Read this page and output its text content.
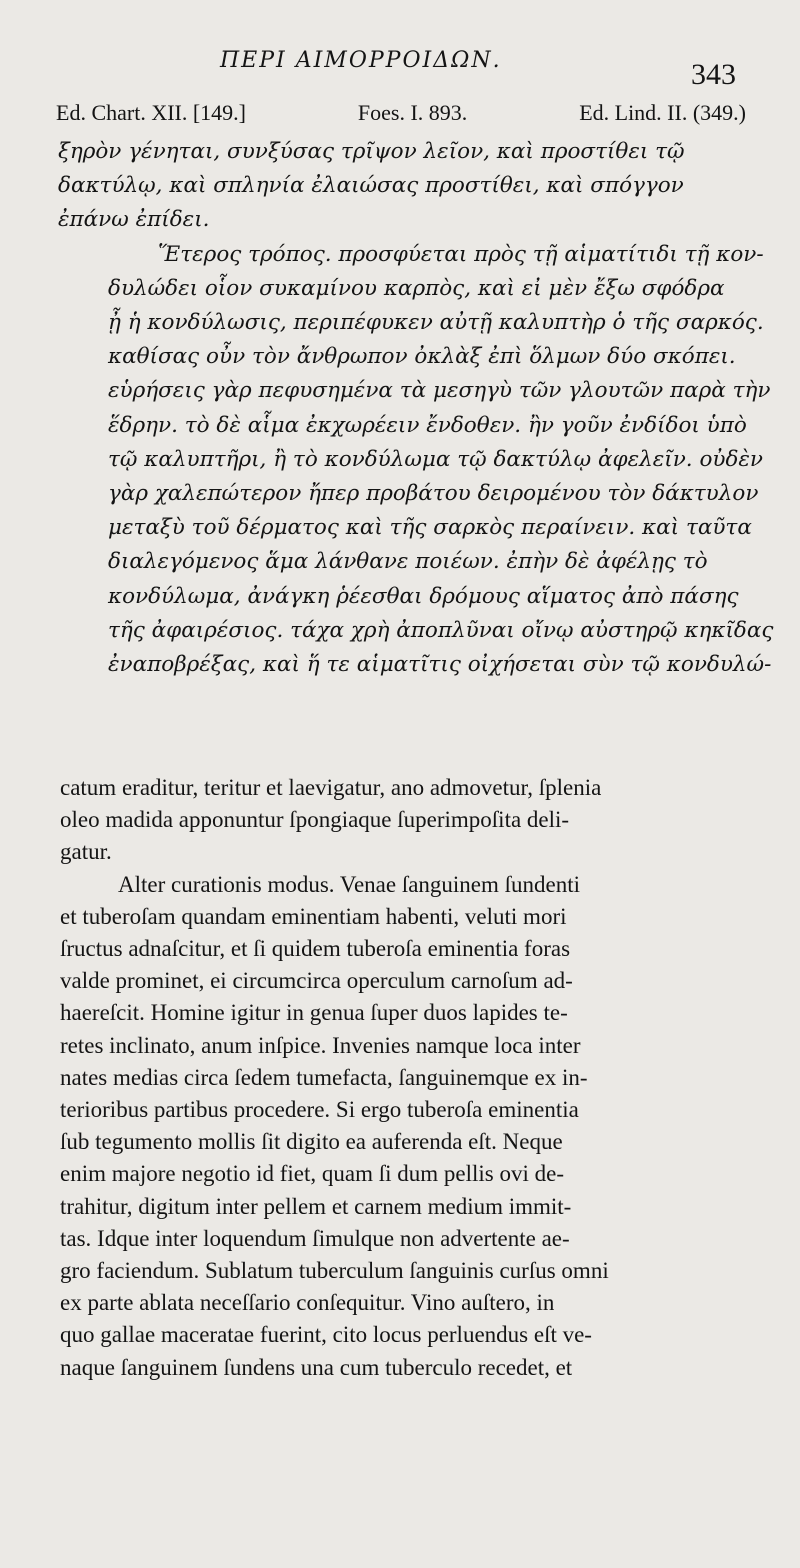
ΠΕΡΙ ΑΙΜΟΡΡΟΙΔΩΝ.	343
Ed. Chart. XII. [149.]	Foes. I. 893.	Ed. Lind. II. (349.)

ξηρὸν γένηται, συνξύσας τρῖψον λεῖον, καὶ προστίθει τῷ
δακτύλῳ, καὶ σπληνία ἐλαιώσας προστίθει, καὶ σπόγγον
ἐπάνω ἐπίδει.

Ἕτερος τρόπος. προσφύεται πρὸς τῇ αἱματίτιδι τῇ κον-
δυλώδει οἷον συκαμίνου καρπὸς, καὶ εἰ μὲν ἔξω σφόδρα
ᾖ ἡ κονδύλωσις, περιπέφυκεν αὐτῇ καλυπτὴρ ὁ τῆς σαρκός.
καθίσας οὖν τὸν ἄνθρωπον ὀκλὰξ ἐπὶ ὅλμων δύο σκόπει.
εὑρήσεις γὰρ πεφυσημένα τὰ μεσηγὺ τῶν γλουτῶν παρὰ τὴν
ἕδρην. τὸ δὲ αἷμα ἐκχωρέειν ἔνδοθεν. ἢν γοῦν ἐνδίδοι ὑπὸ
τῷ καλυπτῆρι, ἢ τὸ κονδύλωμα τῷ δακτύλῳ ἀφελεῖν. οὐδὲν
γὰρ χαλεπώτερον ἤπερ προβάτου δειρομένου τὸν δάκτυλον
μεταξὺ τοῦ δέρματος καὶ τῆς σαρκὸς περαίνειν. καὶ ταῦτα
διαλεγόμενος ἅμα λάνθανε ποιέων. ἐπὴν δὲ ἀφέλῃς τὸ
κονδύλωμα, ἀνάγκη ῥέεσθαι δρόμους αἵματος ἀπὸ πάσης
τῆς ἀφαιρέσιος. τάχα χρὴ ἀποπλῦναι οἴνῳ αὐστηρῷ κηκῖδας
ἐναποβρέξας, καὶ ἥ τε αἱματῖτις οἰχήσεται σὺν τῷ κονδυλώ-

catum eraditur, teritur et laevigatur, ano admovetur, ſplenia
oleo madida apponuntur ſpongiaque ſuperimpoſita deli-
gatur.

Alter curationis modus. Venae ſanguinem ſundenti
et tuberoſam quandam eminentiam habenti, veluti mori
ſructus adnaſcitur, et ſi quidem tuberoſa eminentia foras
valde prominet, ei circumcirca operculum carnoſum ad-
haereſcit. Homine igitur in genua ſuper duos lapides te-
retes inclinato, anum inſpice. Invenies namque loca inter
nates medias circa ſedem tumefacta, ſanguinemque ex in-
terioribus partibus procedere. Si ergo tuberoſa eminentia
ſub tegumento mollis ſit digito ea auferenda eſt. Neque
enim majore negotio id fiet, quam ſi dum pellis ovi de-
trahitur, digitum inter pellem et carnem medium immit-
tas. Idque inter loquendum ſimulque non advertente ae-
gro faciendum. Sublatum tuberculum ſanguinis curſus omni
ex parte ablata neceſſario conſequitur. Vino auſtero, in
quo gallae maceratae fuerint, cito locus perluendus eſt ve-
naque ſanguinem ſundens una cum tuberculo recedet, et
